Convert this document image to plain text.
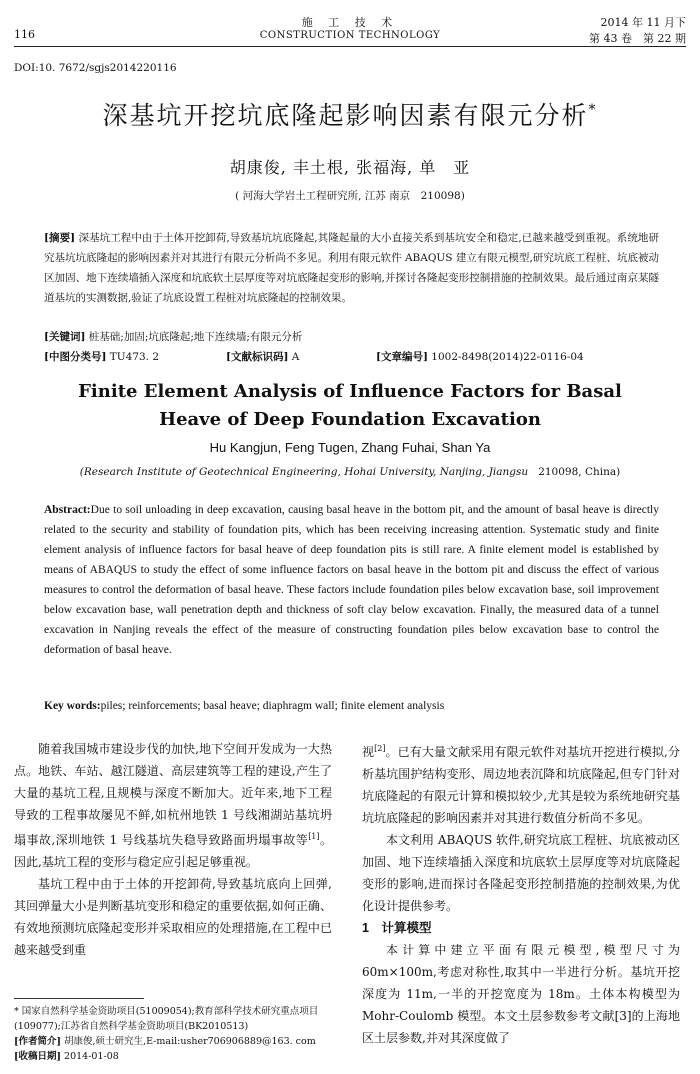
116
施 工 技 术
CONSTRUCTION TECHNOLOGY
2014 年 11 月下
第 43 卷　第 22 期
DOI:10. 7672/sgjs2014220116
深基坑开挖坑底隆起影响因素有限元分析*
胡康俊, 丰土根, 张福海, 单　亚
( 河海大学岩土工程研究所, 江苏 南京　210098)
[摘要] 深基坑工程中由于土体开挖卸荷,导致基坑坑底隆起,其隆起量的大小直接关系到基坑安全和稳定,已越来越受到重视。系统地研究基坑坑底隆起的影响因素并对其进行有限元分析尚不多见。利用有限元软件 ABAQUS 建立有限元模型,研究坑底工程桩、坑底被动区加固、地下连续墙插入深度和坑底软土层厚度等对坑底隆起变形的影响,并探讨各隆起变形控制措施的控制效果。最后通过南京某隧道基坑的实测数据,验证了坑底设置工程桩对坑底隆起的控制效果。
[关键词] 桩基础;加固;坑底隆起;地下连续墙;有限元分析
[中图分类号] TU473. 2	[文献标识码] A	[文章编号] 1002-8498(2014)22-0116-04
Finite Element Analysis of Influence Factors for Basal
Heave of Deep Foundation Excavation
Hu Kangjun, Feng Tugen, Zhang Fuhai, Shan Ya
(Research Institute of Geotechnical Engineering, Hohai University, Nanjing, Jiangsu 210098, China)
Abstract:Due to soil unloading in deep excavation, causing basal heave in the bottom pit, and the amount of basal heave is directly related to the security and stability of foundation pits, which has been receiving increasing attention. Systematic study and finite element analysis of influence factors for basal heave of deep foundation pits is still rare. A finite element model is established by means of ABAQUS to study the effect of some influence factors on basal heave in the bottom pit and discuss the effect of various measures to control the deformation of basal heave. These factors include foundation piles below excavation base, soil improvement below excavation base, wall penetration depth and thickness of soft clay below excavation. Finally, the measured data of a tunnel excavation in Nanjing reveals the effect of the measure of constructing foundation piles below excavation base to control the deformation of basal heave.
Key words:piles; reinforcements; basal heave; diaphragm wall; finite element analysis

随着我国城市建设步伐的加快,地下空间开发成为一大热点。地铁、车站、越江隧道、高层建筑等工程的建设,产生了大量的基坑工程,且规模与深度不断加大。近年来,地下工程导致的工程事故屡见不鲜,如杭州地铁 1 号线湘湖站基坑坍塌事故,深圳地铁 1 号线基坑失稳导致路面坍塌事故等[1]。因此,基坑工程的变形与稳定应引起足够重视。

基坑工程中由于土体的开挖卸荷,导致基坑底向上回弹,其回弹量大小是判断基坑变形和稳定的重要依据,如何正确、有效地预测坑底隆起变形并采取相应的处理措施,在工程中已越来越受到重

视[2]。已有大量文献采用有限元软件对基坑开挖进行模拟,分析基坑围护结构变形、周边地表沉降和坑底隆起,但专门针对坑底隆起的有限元计算和模拟较少,尤其是较为系统地研究基坑坑底隆起的影响因素并对其进行数值分析尚不多见。

本文利用 ABAQUS 软件,研究坑底工程桩、坑底被动区加固、地下连续墙插入深度和坑底软土层厚度等对坑底隆起变形的影响,进而探讨各隆起变形控制措施的控制效果,为优化设计提供参考。

1　计算模型

本计算中建立平面有限元模型,模型尺寸为 60m×100m,考虑对称性,取其中一半进行分析。基坑开挖深度为 11m,一半的开挖宽度为 18m。土体本构模型为 Mohr-Coulomb 模型。本文土层参数参考文献[3]的上海地区土层参数,并对其深度做了

* 国家自然科学基金资助项目(51009054);教育部科学技术研究重点项目(109077);江苏省自然科学基金资助项目(BK2010513)
[作者简介] 胡康俊,硕士研究生,E-mail:usher706906889@163. com
[收稿日期] 2014-01-08
